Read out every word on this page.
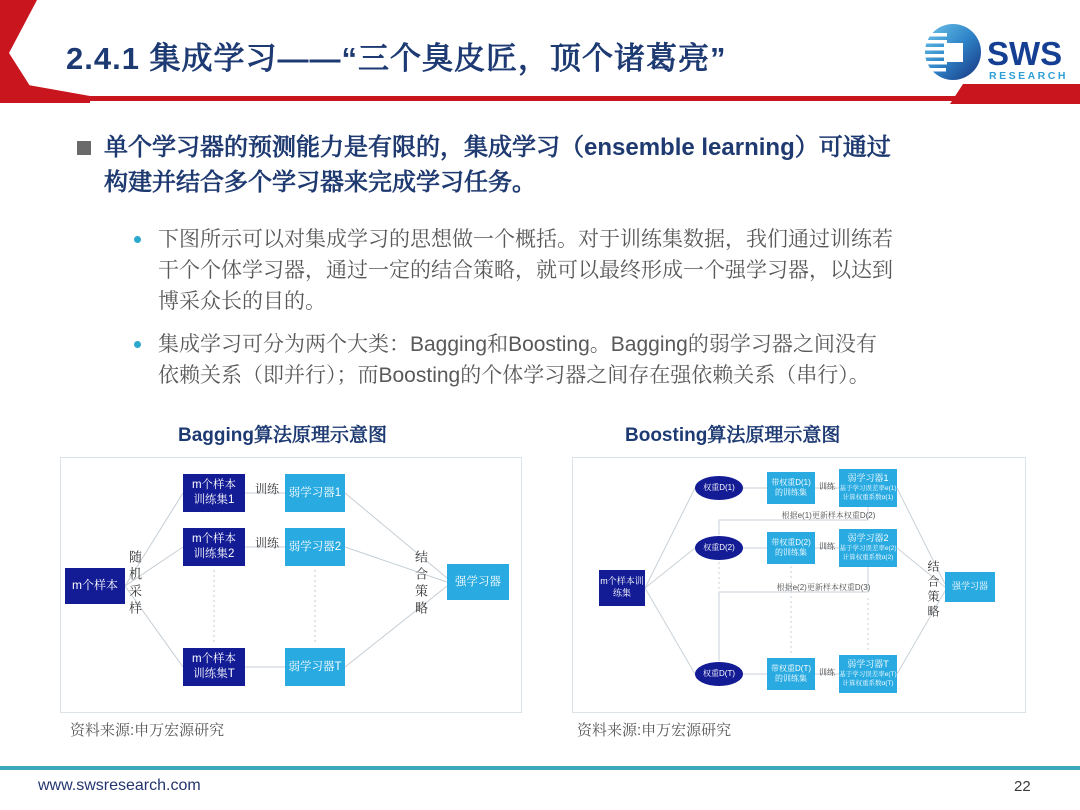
2.4.1 集成学习——“三个臭皮匠，顶个诸葛亮”	SWS
RESEARCH
单个学习器的预测能力是有限的，集成学习（ensemble learning）可通过
构建并结合多个学习器来完成学习任务。
下图所示可以对集成学习的思想做一个概括。对于训练集数据，我们通过训练若
干个个体学习器，通过一定的结合策略，就可以最终形成一个强学习器，以达到
博采众长的目的。
集成学习可分为两个大类：Bagging和Boosting。Bagging的弱学习器之间没有
依赖关系（即并行）；而Boosting的个体学习器之间存在强依赖关系（串行）。
Bagging算法原理示意图	Boosting算法原理示意图
m个样本 随机采样
m个样本
训练集1
m个样本
训练集2
m个样本
训练集T
训练
训练
弱学习器1
弱学习器2
弱学习器T
结合策略	强学习器
资料来源:申万宏源研究
m个样本训
练集
权重D(1)
权重D(2)
权重D(T)
带权重D(1)
的训练集
带权重D(2)
的训练集
带权重D(T)
的训练集
训练
训练
训练
弱学习器1
基于学习误差率e(1)
计算权重系数α(1)
弱学习器2
基于学习误差率e(2)
计算权重系数α(2)
弱学习器T
基于学习误差率e(T)
计算权重系数α(T)
根据e(1)更新样本权重D(2)
根据e(2)更新样本权重D(3)	结合策略	强学习器
资料来源:申万宏源研究
www.swsresearch.com	22
